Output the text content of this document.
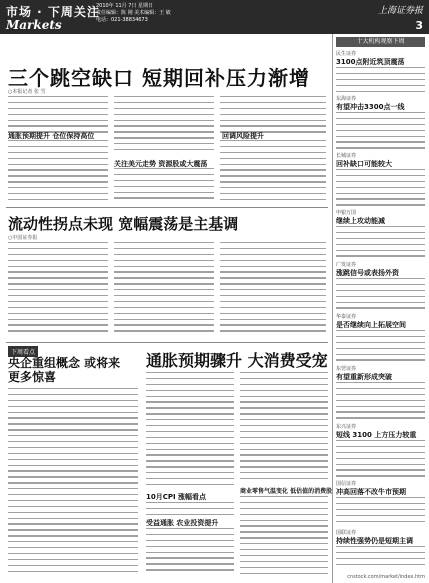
市场 · 下周关注
Markets
2010年 11月 7日 星期日
责任编辑：陈 刚 美术编辑：王 敏
电话：021-38834673
上海证券报
3
三个跳空缺口 短期回补压力渐增
○本报记者 张 雪
通胀预期提升 仓位保持高位
关注美元走势 资源股或大震荡
回调风险提升
流动性拐点未现 宽幅震荡是主基调
○中国证券报
下周看点
央企重组概念 或将来更多惊喜
通胀预期骤升 大消费受宠
10月CPI 涨幅看点
受益通胀 农业投资提升
商业零售气温变化 低估值的消费股
十大机构观察下周
民生证券
3100点附近筑顶震荡
东海证券
有望冲击3300点一线
长城证券
回补缺口可能较大
申银万国
继续上攻动能减
广发证券
涨跳信号或表扬外资
华泰证券
是否继续向上拓展空间
东莞证券
有望重新形成突破
东兴证券
短线 3100 上方压力较重
国信证券
冲高回落不改牛市预期
国联证券
持续性强势仍是短期主调
cnstock.com/market/index.htm
